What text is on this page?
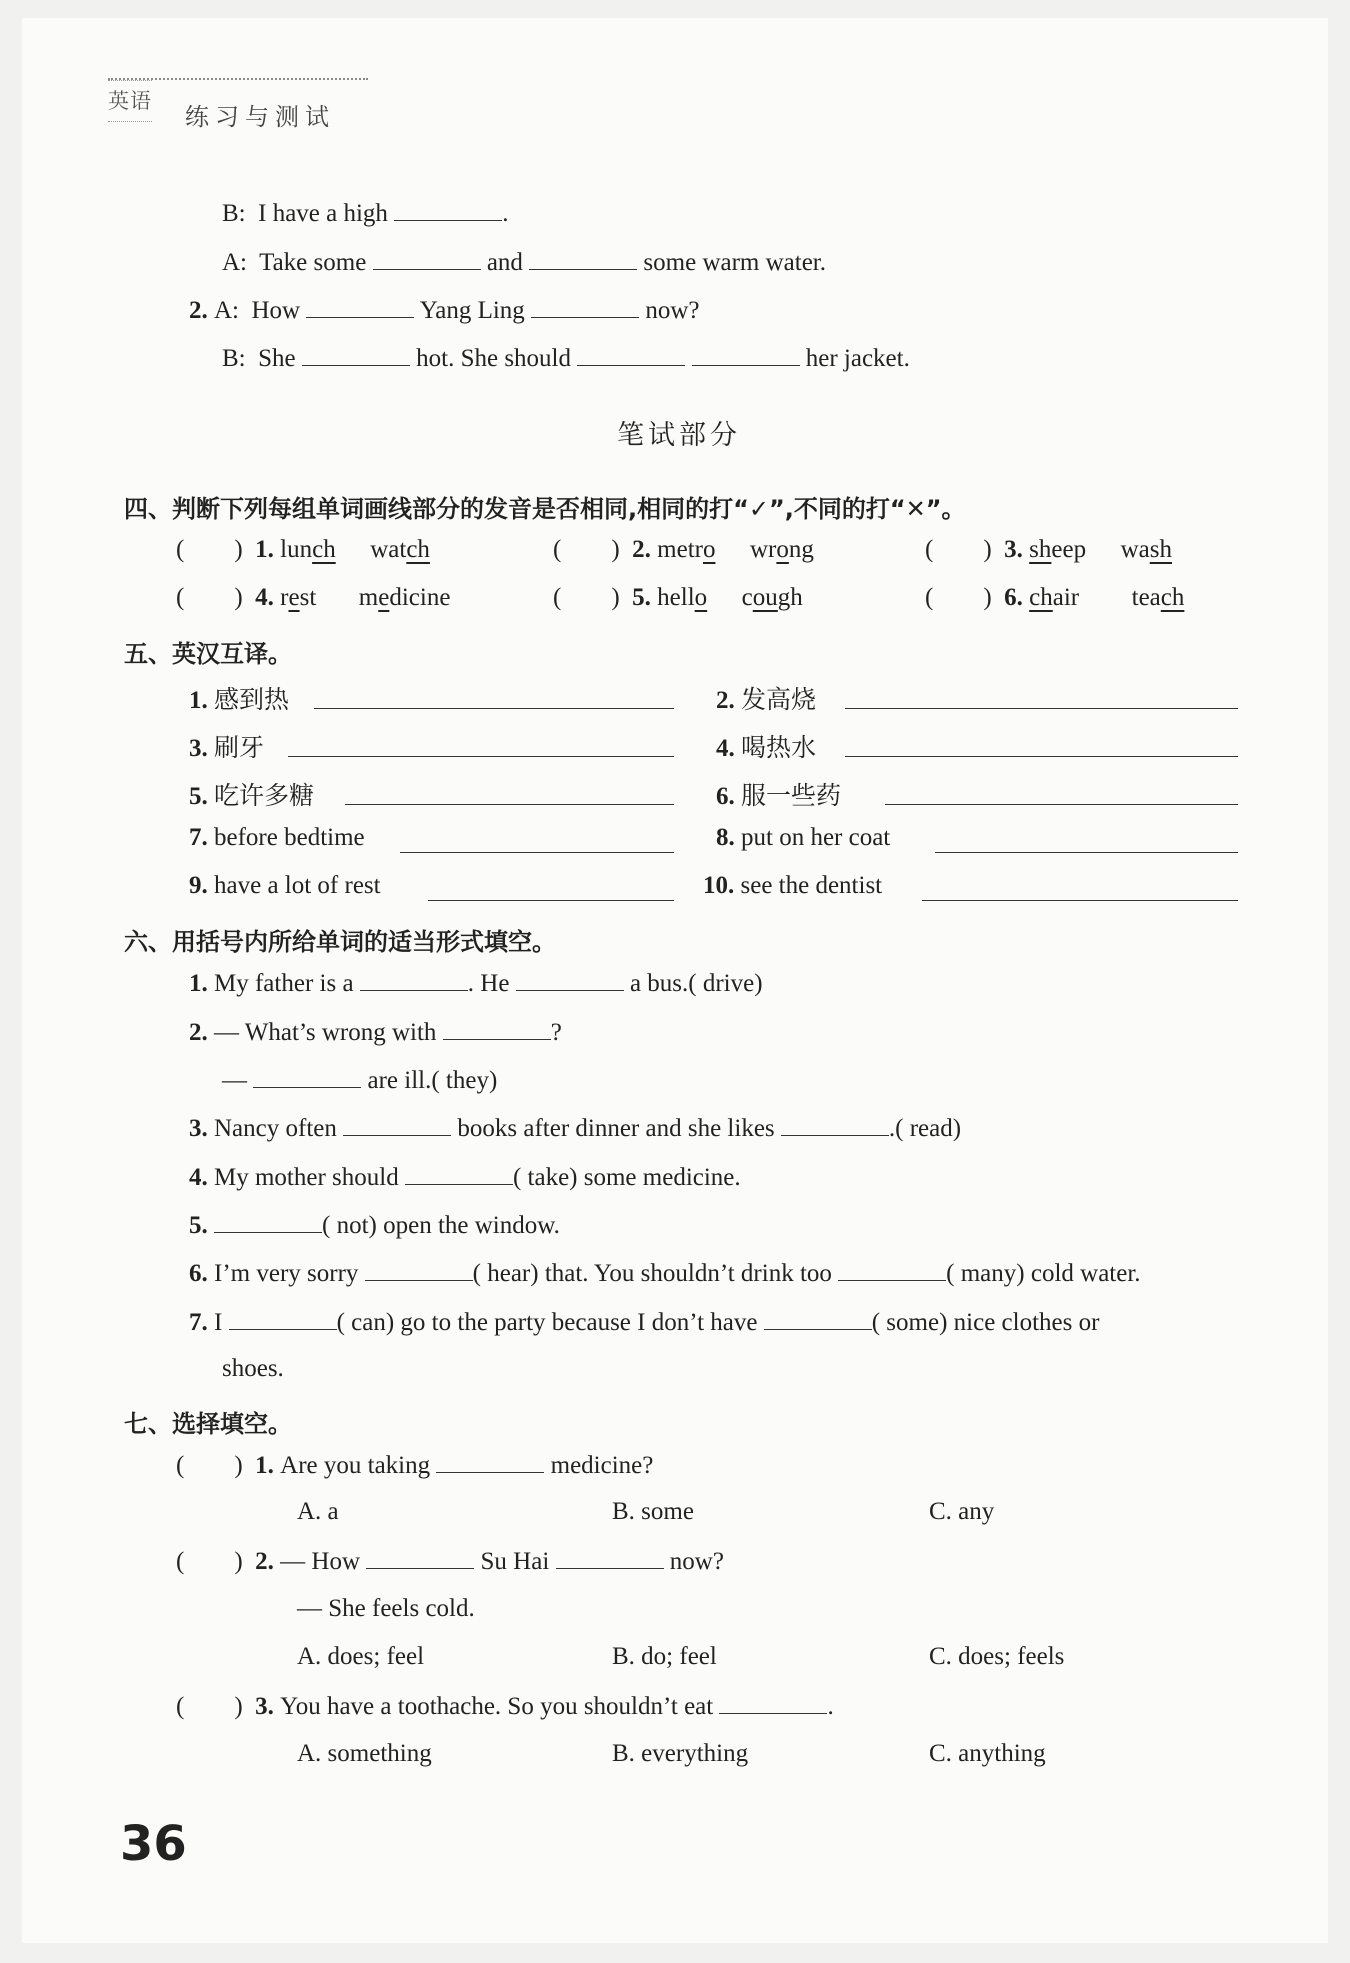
英语
练习与测试
B: I have a high	.
A: Take some	and	some warm water.
2. A: How	Yang Ling	now?
B: She	hot. She should	her jacket.
笔试部分
四、判断下列每组单词画线部分的发音是否相同,相同的打“✓”,不同的打“✕”。
( ) 1. lunch watch	( ) 2. metro wrong	( ) 3. sheep wash
( ) 4. rest medicine	( ) 5. hello cough	( ) 6. chair teach
五、英汉互译。
1. 感到热	2. 发高烧
3. 刷牙	4. 喝热水
5. 吃许多糖	6. 服一些药
7. before bedtime	8. put on her coat
9. have a lot of rest	10. see the dentist
六、用括号内所给单词的适当形式填空。
1. My father is a	. He	a bus.( drive)
2. — What’s wrong with	?
—	are ill.( they)
3. Nancy often	books after dinner and she likes	.( read)
4. My mother should	( take) some medicine.
5.	( not) open the window.
6. I’m very sorry	( hear) that. You shouldn’t drink too	( many) cold water.
7. I	( can) go to the party because I don’t have	( some) nice clothes or
shoes.
七、选择填空。
( ) 1. Are you taking	medicine?
A. a	B. some	C. any
( ) 2. — How	Su Hai	now?
— She feels cold.
A. does; feel	B. do; feel	C. does; feels
( ) 3. You have a toothache. So you shouldn’t eat	.
A. something	B. everything	C. anything
36
